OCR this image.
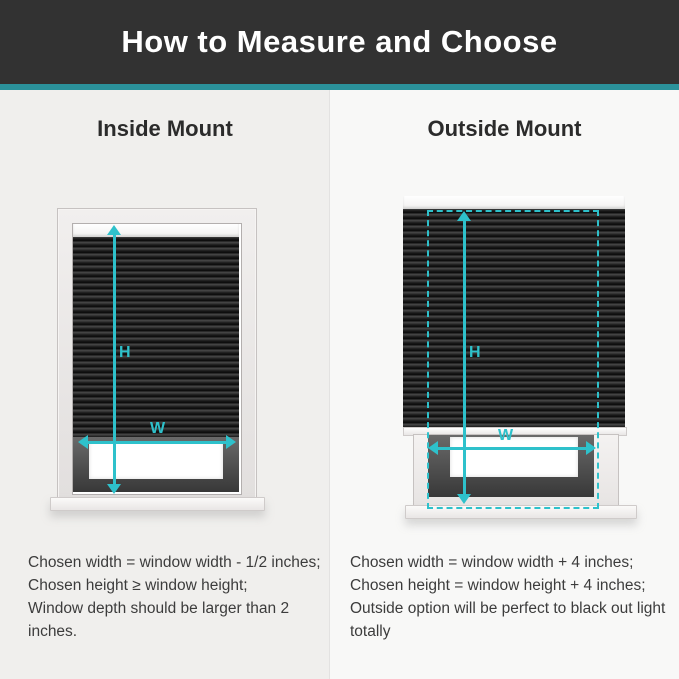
How to Measure and Choose
Inside Mount	Outside Mount
H
W
H
W
Chosen width = window width - 1/2 inches;
Chosen height ≥ window height;
Window depth should be larger than 2 inches.
Chosen width = window width + 4 inches;
Chosen height = window height + 4 inches;
Outside option will be perfect to black out light totally
